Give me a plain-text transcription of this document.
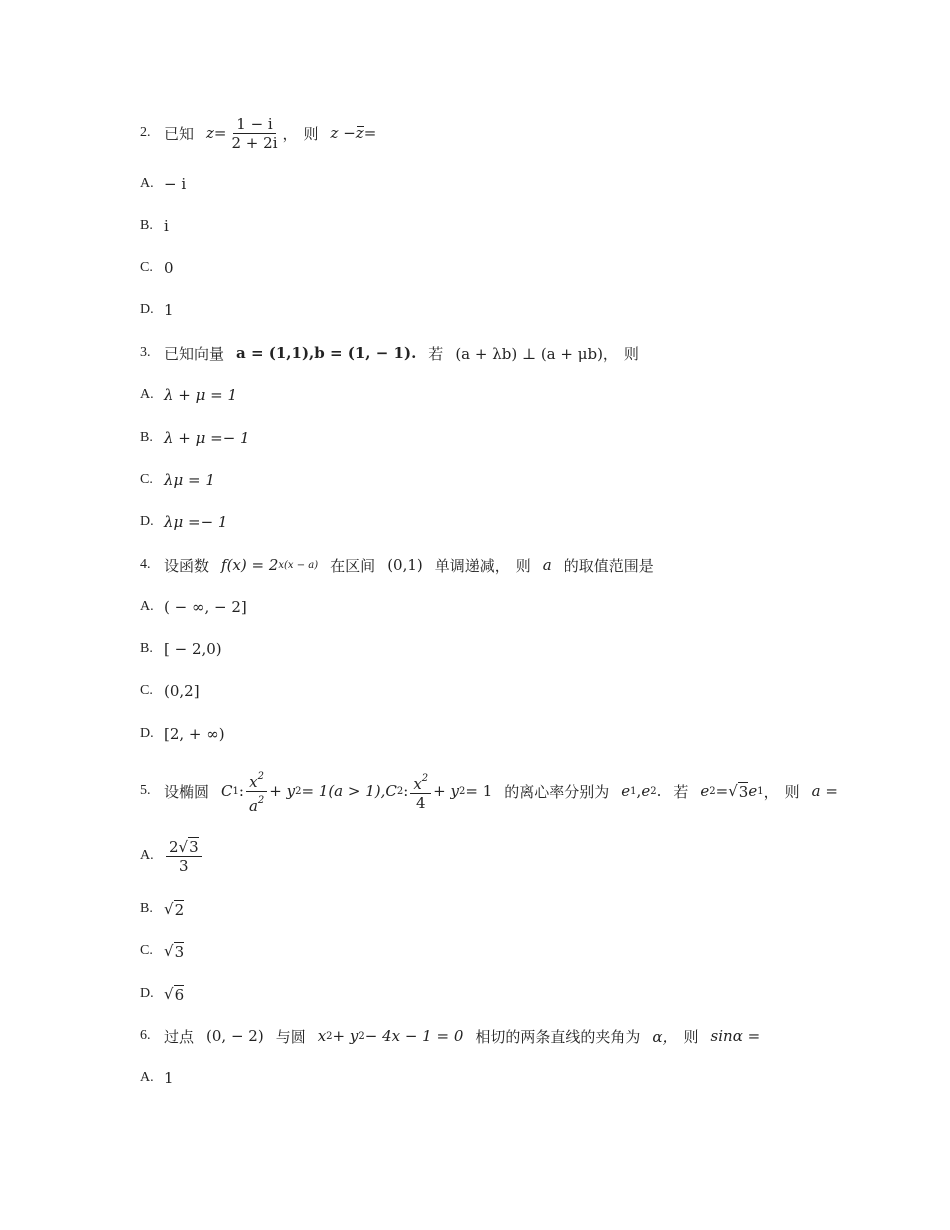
2. 已知 $z = \frac{1 - i}{2 + 2i}$ ， 则 z − z =
A. − i
B. i
C. 0
D. 1
3. 已知向量 a = (1,1),b = (1, − 1). 若 (a + λb) ⊥ (a + μb)， 则
A. λ + μ = 1
B. λ + μ =− 1
C. λμ = 1
D. λμ =− 1
4. 设函数 f(x) = 2 x(x − a) 在区间 (0,1) 单调递减， 则 a 的取值范围是
A. ( − ∞, − 2]
B. [ − 2,0)
C. (0,2]
D. [2, + ∞)
5. 设椭圆 C 1 : $\frac{x^2}{a^2} + y$ 2 = 1(a > 1), C 2 : $\frac{x^2}{4} + y$ 2 = 1 的离心率分别为 e 1 , e 2 . 若 e 2 = √ 3 e 1 ， 则 a =
A. $\frac{2√3}{3}$
B. √ 2
C. √ 3
D. √ 6
6. 过点 (0, − 2) 与圆 x 2 + y 2 − 4x − 1 = 0 相切的两条直线的夹角为 α， 则 sinα =
A. 1
